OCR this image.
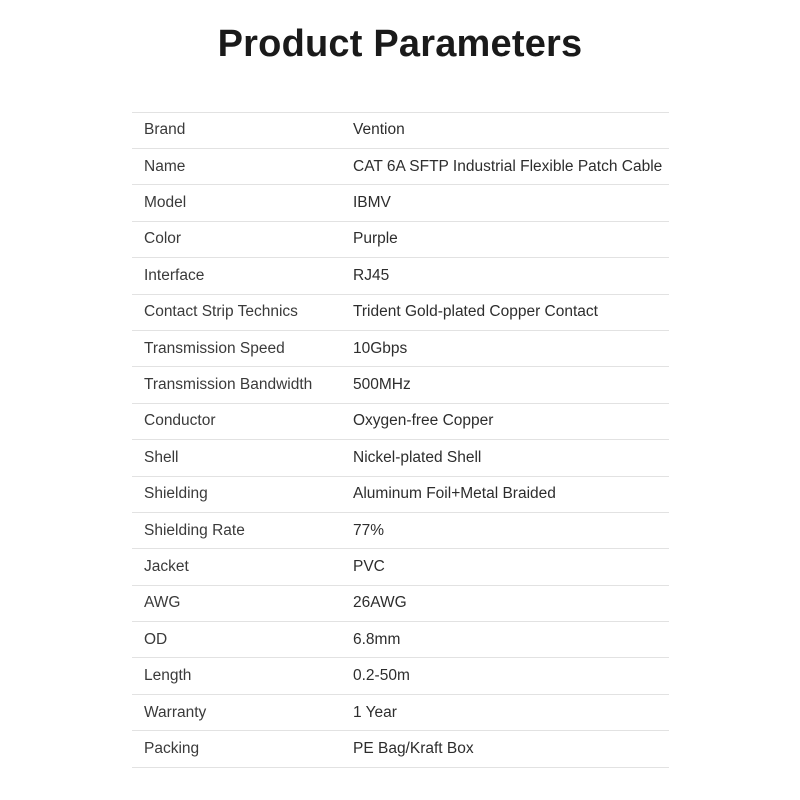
Product Parameters
Brand	Vention

Name	CAT 6A SFTP Industrial Flexible Patch Cable

Model	IBMV

Color	Purple

Interface	RJ45

Contact Strip Technics	Trident Gold-plated Copper Contact

Transmission Speed	10Gbps

Transmission Bandwidth	500MHz

Conductor	Oxygen-free Copper

Shell	Nickel-plated Shell

Shielding	Aluminum Foil+Metal Braided

Shielding Rate	77%

Jacket	PVC

AWG	26AWG

OD	6.8mm

Length	0.2-50m

Warranty	1 Year

Packing	PE Bag/Kraft Box
